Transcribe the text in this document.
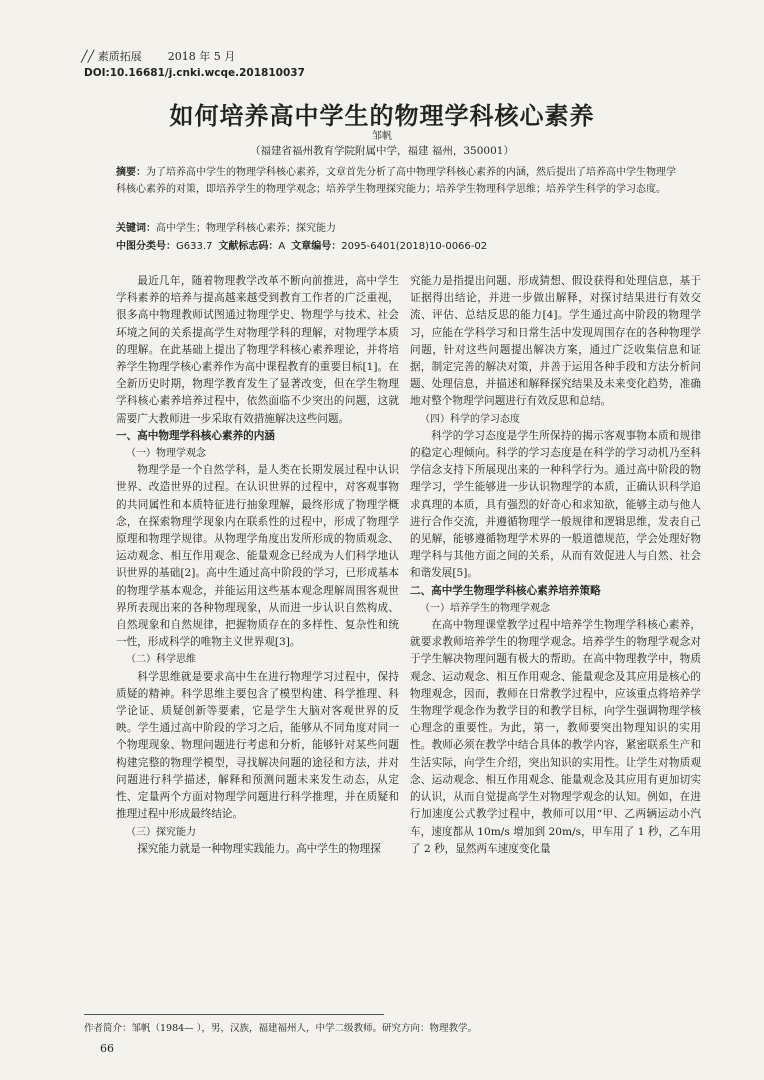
╱╱ 素质拓展 2018 年 5 月
DOI:10.16681/j.cnki.wcqe.201810037
如何培养高中学生的物理学科核心素养
邹帆
（福建省福州教育学院附属中学，福建 福州，350001）
摘要：为了培养高中学生的物理学科核心素养，文章首先分析了高中物理学科核心素养的内涵，然后提出了培养高中学生物理学科核心素养的对策，即培养学生的物理学观念；培养学生物理探究能力；培养学生物理科学思维；培养学生科学的学习态度。
关键词：高中学生；物理学科核心素养；探究能力
中图分类号：G633.7 文献标志码：A 文章编号：2095-6401(2018)10-0066-02

最近几年，随着物理教学改革不断向前推进，高中学生学科素养的培养与提高越来越受到教育工作者的广泛重视，很多高中物理教师试图通过物理学史、物理学与技术、社会环境之间的关系提高学生对物理学科的理解，对物理学本质的理解。在此基础上提出了物理学科核心素养理论，并将培养学生物理学核心素养作为高中课程教育的重要目标[1]。在全新历史时期，物理学教育发生了显著改变，但在学生物理学科核心素养培养过程中，依然面临不少突出的问题，这就需要广大教师进一步采取有效措施解决这些问题。

一、高中物理学科核心素养的内涵

（一）物理学观念

物理学是一个自然学科，是人类在长期发展过程中认识世界、改造世界的过程。在认识世界的过程中，对客观事物的共同属性和本质特征进行抽象理解，最终形成了物理学概念，在探索物理学现象内在联系性的过程中，形成了物理学原理和物理学规律。从物理学角度出发所形成的物质观念、运动观念、相互作用观念、能量观念已经成为人们科学地认识世界的基础[2]。高中生通过高中阶段的学习，已形成基本的物理学基本观念，并能运用这些基本观念理解周围客观世界所表现出来的各种物理现象，从而进一步认识自然构成、自然现象和自然规律，把握物质存在的多样性、复杂性和统一性，形成科学的唯物主义世界观[3]。

（二）科学思维

科学思维就是要求高中生在进行物理学习过程中，保持质疑的精神。科学思维主要包含了模型构建、科学推理、科学论证、质疑创新等要素，它是学生大脑对客观世界的反映。学生通过高中阶段的学习之后，能够从不同角度对同一个物理现象、物理问题进行考虑和分析，能够针对某些问题构建完整的物理学模型，寻找解决问题的途径和方法，并对问题进行科学描述，解释和预测问题未来发生动态，从定性、定量两个方面对物理学问题进行科学推理，并在质疑和推理过程中形成最终结论。

（三）探究能力

探究能力就是一种物理实践能力。高中学生的物理探

究能力是指提出问题、形成猜想、假设获得和处理信息，基于证据得出结论，并进一步做出解释，对探讨结果进行有效交流、评估、总结反思的能力[4]。学生通过高中阶段的物理学习，应能在学科学习和日常生活中发现周围存在的各种物理学问题，针对这些问题提出解决方案，通过广泛收集信息和证据，制定完善的解决对策，并善于运用各种手段和方法分析问题、处理信息，并描述和解释探究结果及未来变化趋势，准确地对整个物理学问题进行有效反思和总结。

（四）科学的学习态度

科学的学习态度是学生所保持的揭示客观事物本质和规律的稳定心理倾向。科学的学习态度是在科学的学习动机乃至科学信念支持下所展现出来的一种科学行为。通过高中阶段的物理学习，学生能够进一步认识物理学的本质，正确认识科学追求真理的本质，具有强烈的好奇心和求知欲，能够主动与他人进行合作交流，并遵循物理学一般规律和逻辑思维，发表自己的见解，能够遵循物理学术界的一般道德规范，学会处理好物理学科与其他方面之间的关系，从而有效促进人与自然、社会和谐发展[5]。

二、高中学生物理学科核心素养培养策略

（一）培养学生的物理学观念

在高中物理课堂教学过程中培养学生物理学科核心素养，就要求教师培养学生的物理学观念。培养学生的物理学观念对于学生解决物理问题有极大的帮助。在高中物理教学中，物质观念、运动观念、相互作用观念、能量观念及其应用是核心的物理观念，因而，教师在日常教学过程中，应该重点将培养学生物理学观念作为教学目的和教学目标，向学生强调物理学核心理念的重要性。为此，第一，教师要突出物理知识的实用性。教师必须在教学中结合具体的教学内容，紧密联系生产和生活实际，向学生介绍，突出知识的实用性。让学生对物质观念、运动观念、相互作用观念、能量观念及其应用有更加切实的认识，从而自觉提高学生对物理学观念的认知。例如，在进行加速度公式教学过程中，教师可以用“甲、乙两辆运动小汽车，速度都从 10m/s 增加到 20m/s，甲车用了 1 秒，乙车用了 2 秒，显然两车速度变化量

作者简介：邹帆（1984— ），男，汉族，福建福州人，中学二级教师。研究方向：物理教学。
66
